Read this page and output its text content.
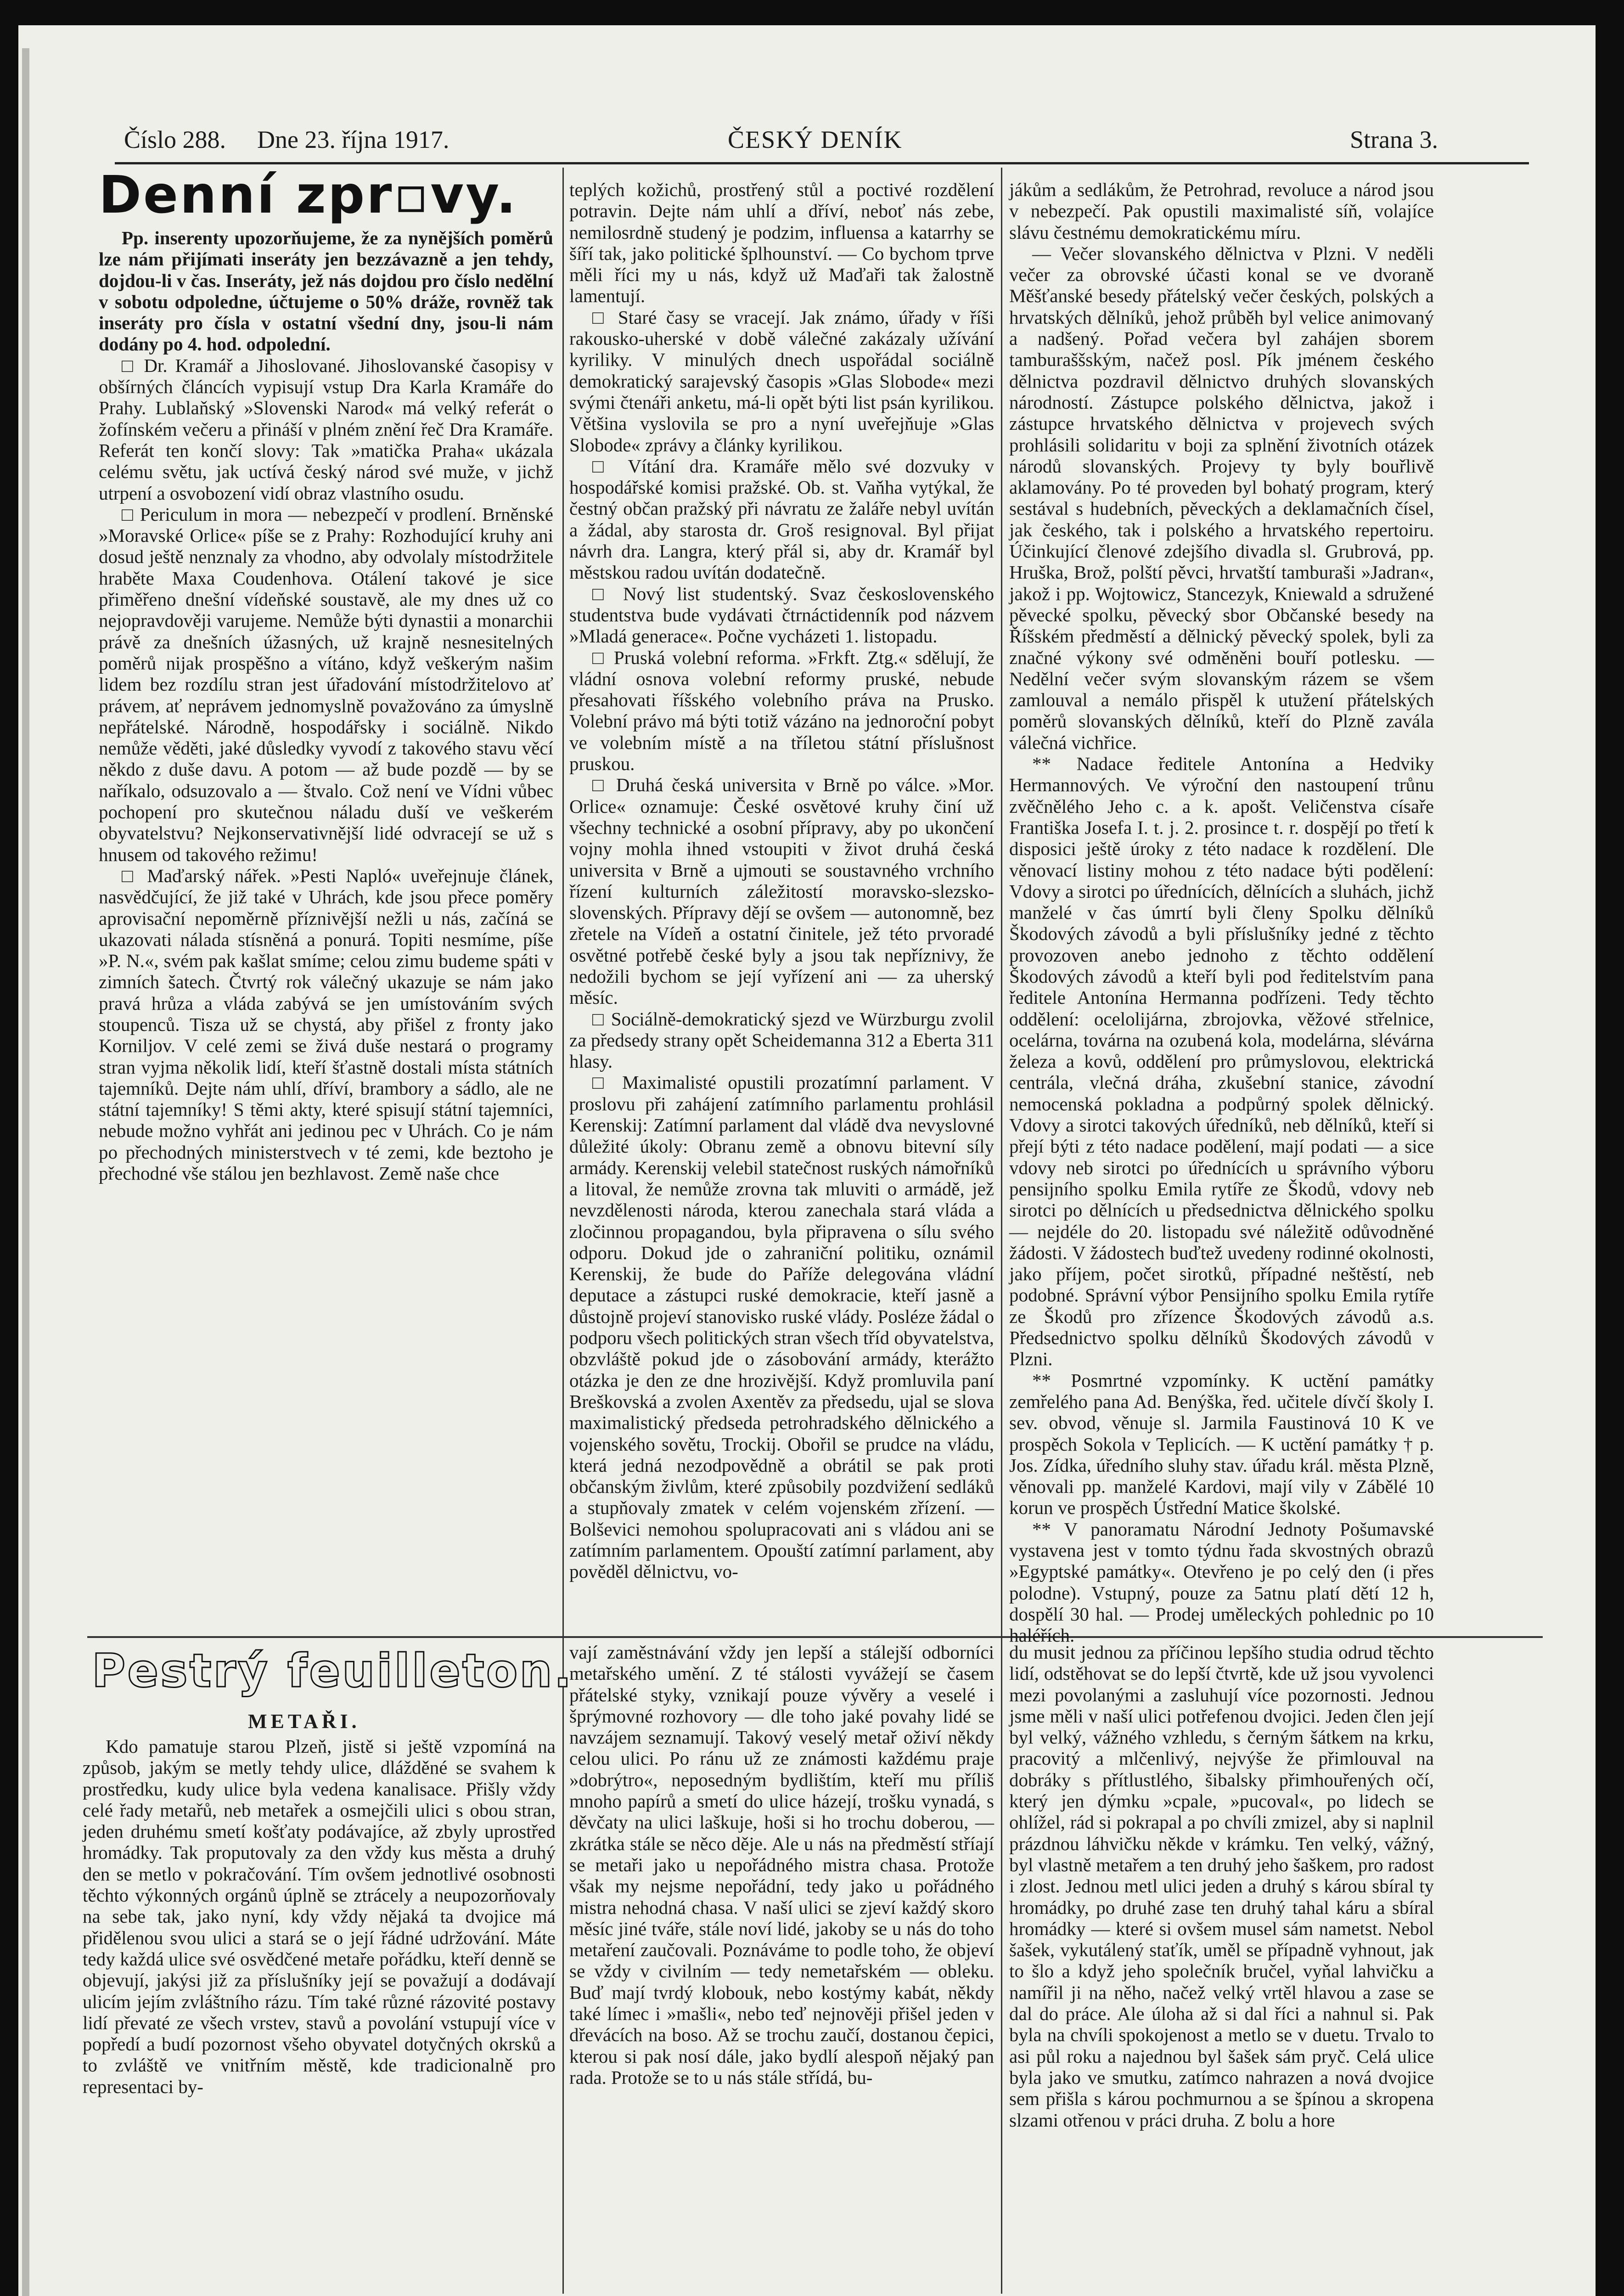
Číslo 288. Dne 23. října 1917.	ČESKÝ DENÍK	Strana 3.
Denní zpr▫vy.

Pp. inserenty upozorňujeme, že za nynějších poměrů lze nám přijímati inseráty jen bezzávazně a jen tehdy, dojdou-li v čas. Inseráty, jež nás dojdou pro číslo nedělní v sobotu odpoledne, účtujeme o 50% dráže, rovněž tak inseráty pro čísla v ostatní všední dny, jsou-li nám dodány po 4. hod. odpolední.

□ Dr. Kramář a Jihoslované. Jihoslovanské časopisy v obšírných článcích vypisují vstup Dra Karla Kramáře do Prahy. Lublaňský »Slovenski Narod« má velký referát o žofínském večeru a přináší v plném znění řeč Dra Kramáře. Referát ten končí slovy: Tak »matička Praha« ukázala celému světu, jak uctívá český národ své muže, v jichž utrpení a osvobození vidí obraz vlastního osudu.

□ Periculum in mora — nebezpečí v prodlení. Brněnské »Moravské Orlice« píše se z Prahy: Rozhodující kruhy ani dosud ještě nenznaly za vhodno, aby odvolaly místodržitele hraběte Maxa Coudenhova. Otálení takové je sice přiměřeno dnešní vídeňské soustavě, ale my dnes už co nejopravdověji varujeme. Nemůže býti dynastii a monarchii právě za dnešních úžasných, už krajně nesnesitelných poměrů nijak prospěšno a vítáno, když veškerým našim lidem bez rozdílu stran jest úřadování místodržitelovo ať právem, ať neprávem jednomyslně považováno za úmyslně nepřátelské. Národně, hospodářsky i sociálně. Nikdo nemůže věděti, jaké důsledky vyvodí z takového stavu věcí někdo z duše davu. A potom — až bude pozdě — by se naříkalo, odsuzovalo a — štvalo. Což není ve Vídni vůbec pochopení pro skutečnou náladu duší ve veškerém obyvatelstvu? Nejkonservativnější lidé odvracejí se už s hnusem od takového režimu!

□ Maďarský nářek. »Pesti Napló« uveřejnuje článek, nasvědčující, že již také v Uhrách, kde jsou přece poměry aprovisační nepoměrně příznivější nežli u nás, začíná se ukazovati nálada stísněná a ponurá. Topiti nesmíme, píše »P. N.«, svém pak kašlat smíme; celou zimu budeme spáti v zimních šatech. Čtvrtý rok válečný ukazuje se nám jako pravá hrůza a vláda zabývá se jen umístováním svých stoupenců. Tisza už se chystá, aby přišel z fronty jako Korniljov. V celé zemi se živá duše nestará o programy stran vyjma několik lidí, kteří šťastně dostali místa státních tajemníků. Dejte nám uhlí, dříví, brambory a sádlo, ale ne státní tajemníky! S těmi akty, které spisují státní tajemníci, nebude možno vyhřát ani jedinou pec v Uhrách. Co je nám po přechodných ministerstvech v té zemi, kde beztoho je přechodné vše stálou jen bezhlavost. Země naše chce

teplých kožichů, prostřený stůl a poctivé rozdělení potravin. Dejte nám uhlí a dříví, neboť nás zebe, nemilosrdně studený je podzim, influensa a katarrhy se šíří tak, jako politické šplhounství. — Co bychom tprve měli říci my u nás, když už Maďaři tak žalostně lamentují.

□ Staré časy se vracejí. Jak známo, úřady v říši rakousko-uherské v době válečné zakázaly užívání kyriliky. V minulých dnech uspořádal sociálně demokratický sarajevský časopis »Glas Slobode« mezi svými čtenáři anketu, má-li opět býti list psán kyrilikou. Většina vyslovila se pro a nyní uveřejňuje »Glas Slobode« zprávy a články kyrilikou.

□ Vítání dra. Kramáře mělo své dozvuky v hospodářské komisi pražské. Ob. st. Vaňha vytýkal, že čestný občan pražský při návratu ze žaláře nebyl uvítán a žádal, aby starosta dr. Groš resignoval. Byl přijat návrh dra. Langra, který přál si, aby dr. Kramář byl městskou radou uvítán dodatečně.

□ Nový list studentský. Svaz československého studentstva bude vydávati čtrnáctidenník pod názvem »Mladá generace«. Počne vycházeti 1. listopadu.

□ Pruská volební reforma. »Frkft. Ztg.« sdělují, že vládní osnova volební reformy pruské, nebude přesahovati říšského volebního práva na Prusko. Volební právo má býti totiž vázáno na jednoroční pobyt ve volebním místě a na tříletou státní příslušnost pruskou.

□ Druhá česká universita v Brně po válce. »Mor. Orlice« oznamuje: České osvětové kruhy činí už všechny technické a osobní přípravy, aby po ukončení vojny mohla ihned vstoupiti v život druhá česká universita v Brně a ujmouti se soustavného vrchního řízení kulturních záležitostí moravsko-slezsko-slovenských. Přípravy dějí se ovšem — autonomně, bez zřetele na Vídeň a ostatní činitele, jež této prvoradé osvětné potřebě české byly a jsou tak nepříznivy, že nedožili bychom se její vyřízení ani — za uherský měsíc.

□ Sociálně-demokratický sjezd ve Würzburgu zvolil za předsedy strany opět Scheidemanna 312 a Eberta 311 hlasy.

□ Maximalisté opustili prozatímní parlament. V proslovu při zahájení zatímního parlamentu prohlásil Kerenskij: Zatímní parlament dal vládě dva nevyslovné důležité úkoly: Obranu země a obnovu bitevní síly armády. Kerenskij velebil statečnost ruských námořníků a litoval, že nemůže zrovna tak mluviti o armádě, jež nevzdělenosti národa, kterou zanechala stará vláda a zločinnou propagandou, byla připravena o sílu svého odporu. Dokud jde o zahraniční politiku, oznámil Kerenskij, že bude do Paříže delegována vládní deputace a zástupci ruské demokracie, kteří jasně a důstojně projeví stanovisko ruské vlády. Posléze žádal o podporu všech politických stran všech tříd obyvatelstva, obzvláště pokud jde o zásobování armády, kterážto otázka je den ze dne hrozivější. Když promluvila paní Breškovská a zvolen Axentěv za předsedu, ujal se slova maximalistický předseda petrohradského dělnického a vojenského sovětu, Trockij. Obořil se prudce na vládu, která jedná nezodpovědně a obrátil se pak proti občanským živlům, které způsobily pozdvižení sedláků a stupňovaly zmatek v celém vojenském zřízení. — Bolševici nemohou spolupracovati ani s vládou ani se zatímním parlamentem. Opouští zatímní parlament, aby pověděl dělnictvu, vo-

jákům a sedlákům, že Petrohrad, revoluce a národ jsou v nebezpečí. Pak opustili maximalisté síň, volajíce slávu čestnému demokratickému míru.

— Večer slovanského dělnictva v Plzni. V neděli večer za obrovské účasti konal se ve dvoraně Měšťanské besedy přátelský večer českých, polských a hrvatských dělníků, jehož průběh byl velice animovaný a nadšený. Pořad večera byl zahájen sborem tamburaššským, načež posl. Pík jménem českého dělnictva pozdravil dělnictvo druhých slovanských národností. Zástupce polského dělnictva, jakož i zástupce hrvatského dělnictva v projevech svých prohlásili solidaritu v boji za splnění životních otázek národů slovanských. Projevy ty byly bouřlivě aklamovány. Po té proveden byl bohatý program, který sestával s hudebních, pěveckých a deklamačních čísel, jak českého, tak i polského a hrvatského repertoiru. Účinkující členové zdejšího divadla sl. Grubrová, pp. Hruška, Brož, polští pěvci, hrvatští tamburaši »Jadran«, jakož i pp. Wojtowicz, Stancezyk, Kniewald a sdružené pěvecké spolku, pěvecký sbor Občanské besedy na Říšském předměstí a dělnický pěvecký spolek, byli za značné výkony své odměněni bouří potlesku. — Nedělní večer svým slovanským rázem se všem zamlouval a nemálo přispěl k utužení přátelských poměrů slovanských dělníků, kteří do Plzně zavála válečná vichřice.

** Nadace ředitele Antonína a Hedviky Hermannových. Ve výroční den nastoupení trůnu zvěčnělého Jeho c. a k. apošt. Veličenstva císaře Františka Josefa I. t. j. 2. prosince t. r. dospějí po třetí k disposici ještě úroky z této nadace k rozdělení. Dle věnovací listiny mohou z této nadace býti podělení: Vdovy a sirotci po úřednících, dělnících a sluhách, jichž manželé v čas úmrtí byli členy Spolku dělníků Škodových závodů a byli příslušníky jedné z těchto provozoven anebo jednoho z těchto oddělení Škodových závodů a kteří byli pod ředitelstvím pana ředitele Antonína Hermanna podřízeni. Tedy těchto oddělení: ocelolijárna, zbrojovka, věžové střelnice, ocelárna, továrna na ozubená kola, modelárna, slévárna železa a kovů, oddělení pro průmyslovou, elektrická centrála, vlečná dráha, zkušební stanice, závodní nemocenská pokladna a podpůrný spolek dělnický. Vdovy a sirotci takových úředníků, neb dělníků, kteří si přejí býti z této nadace podělení, mají podati — a sice vdovy neb sirotci po úřednících u správního výboru pensijního spolku Emila rytíře ze Škodů, vdovy neb sirotci po dělnících u předsednictva dělnického spolku — nejdéle do 20. listopadu své náležitě odůvodněné žádosti. V žádostech buďtež uvedeny rodinné okolnosti, jako příjem, počet sirotků, případné neštěstí, neb podobné. Správní výbor Pensijního spolku Emila rytíře ze Škodů pro zřízence Škodových závodů a.s. Předsednictvo spolku dělníků Škodových závodů v Plzni.

** Posmrtné vzpomínky. K uctění památky zemřelého pana Ad. Benýška, řed. učitele dívčí školy I. sev. obvod, věnuje sl. Jarmila Faustinová 10 K ve prospěch Sokola v Teplicích. — K uctění památky † p. Jos. Zídka, úředního sluhy stav. úřadu král. města Plzně, věnovali pp. manželé Kardovi, mají vily v Zábělé 10 korun ve prospěch Ústřední Matice školské.

** V panoramatu Národní Jednoty Pošumavské vystavena jest v tomto týdnu řada skvostných obrazů »Egyptské památky«. Otevřeno je po celý den (i přes polodne). Vstupný, pouze za 5atnu platí dětí 12 h, dospělí 30 hal. — Prodej uměleckých pohlednic po 10 haléřích.

Pestrý feuilleton.
METAŘI.

Kdo pamatuje starou Plzeň, jistě si ještě vzpomíná na způsob, jakým se metly tehdy ulice, dlážděné se svahem k prostředku, kudy ulice byla vedena kanalisace. Přišly vždy celé řady metařů, neb metařek a osmejčili ulici s obou stran, jeden druhému smetí košťaty podávajíce, až zbyly uprostřed hromádky. Tak proputovaly za den vždy kus města a druhý den se metlo v pokračování. Tím ovšem jednotlivé osobnosti těchto výkonných orgánů úplně se ztrácely a neupozorňovaly na sebe tak, jako nyní, kdy vždy nějaká ta dvojice má přidělenou svou ulici a stará se o její řádné udržování. Máte tedy každá ulice své osvědčené metaře pořádku, kteří denně se objevují, jakýsi již za příslušníky její se považují a dodávají ulicím jejím zvláštního rázu. Tím také různé rázovité postavy lidí převaté ze všech vrstev, stavů a povolání vstupují více v popředí a budí pozornost všeho obyvatel dotyčných okrsků a to zvláště ve vnitřním městě, kde tradicionalně pro representaci by-

vají zaměstnávání vždy jen lepší a stálejší odborníci metařského umění. Z té stálosti vyvážejí se časem přátelské styky, vznikají pouze vývěry a veselé i šprýmovné rozhovory — dle toho jaké povahy lidé se navzájem seznamují. Takový veselý metař oživí někdy celou ulici. Po ránu už ze známosti každému praje »dobrýtro«, neposedným bydlištím, kteří mu příliš mnoho papírů a smetí do ulice házejí, trošku vynadá, s děvčaty na ulici laškuje, hoši si ho trochu doberou, — zkrátka stále se něco děje. Ale u nás na předměstí stříají se metaři jako u nepořádného mistra chasa. Protože však my nejsme nepořádní, tedy jako u pořádného mistra nehodná chasa. V naší ulici se zjeví každý skoro měsíc jiné tváře, stále noví lidé, jakoby se u nás do toho metaření zaučovali. Poznáváme to podle toho, že objeví se vždy v civilním — tedy nemetařském — obleku. Buď mají tvrdý klobouk, nebo kostýmy kabát, někdy také límec i »mašli«, nebo teď nejnověji přišel jeden v dřevácích na boso. Až se trochu zaučí, dostanou čepici, kterou si pak nosí dále, jako bydlí alespoň nějaký pan rada. Protože se to u nás stále střídá, bu-

du musit jednou za příčinou lepšího studia odrud těchto lidí, odstěhovat se do lepší čtvrtě, kde už jsou vyvolenci mezi povolanými a zasluhují více pozornosti. Jednou jsme měli v naší ulici potřefenou dvojici. Jeden člen její byl velký, vážného vzhledu, s černým šátkem na krku, pracovitý a mlčenlivý, nejvýše že přimlouval na dobráky s přítlustlého, šibalsky přimhouřených očí, který jen dýmku »cpale, »pucoval«, po lidech se ohlížel, rád si pokrapal a po chvíli zmizel, aby si naplnil prázdnou láhvičku někde v krámku. Ten velký, vážný, byl vlastně metařem a ten druhý jeho šaškem, pro radost i zlost. Jednou metl ulici jeden a druhý s károu sbíral ty hromádky, po druhé zase ten druhý tahal káru a sbíral hromádky — které si ovšem musel sám nametst. Nebol šašek, vykutálený staťík, uměl se případně vyhnout, jak to šlo a když jeho společník bručel, vyňal lahvičku a namířil ji na něho, načež velký vrtěl hlavou a zase se dal do práce. Ale úloha až si dal říci a nahnul si. Pak byla na chvíli spokojenost a metlo se v duetu. Trvalo to asi půl roku a najednou byl šašek sám pryč. Celá ulice byla jako ve smutku, zatímco nahrazen a nová dvojice sem přišla s károu pochmurnou a se špínou a skropena slzami otřenou v práci druha. Z bolu a hore
